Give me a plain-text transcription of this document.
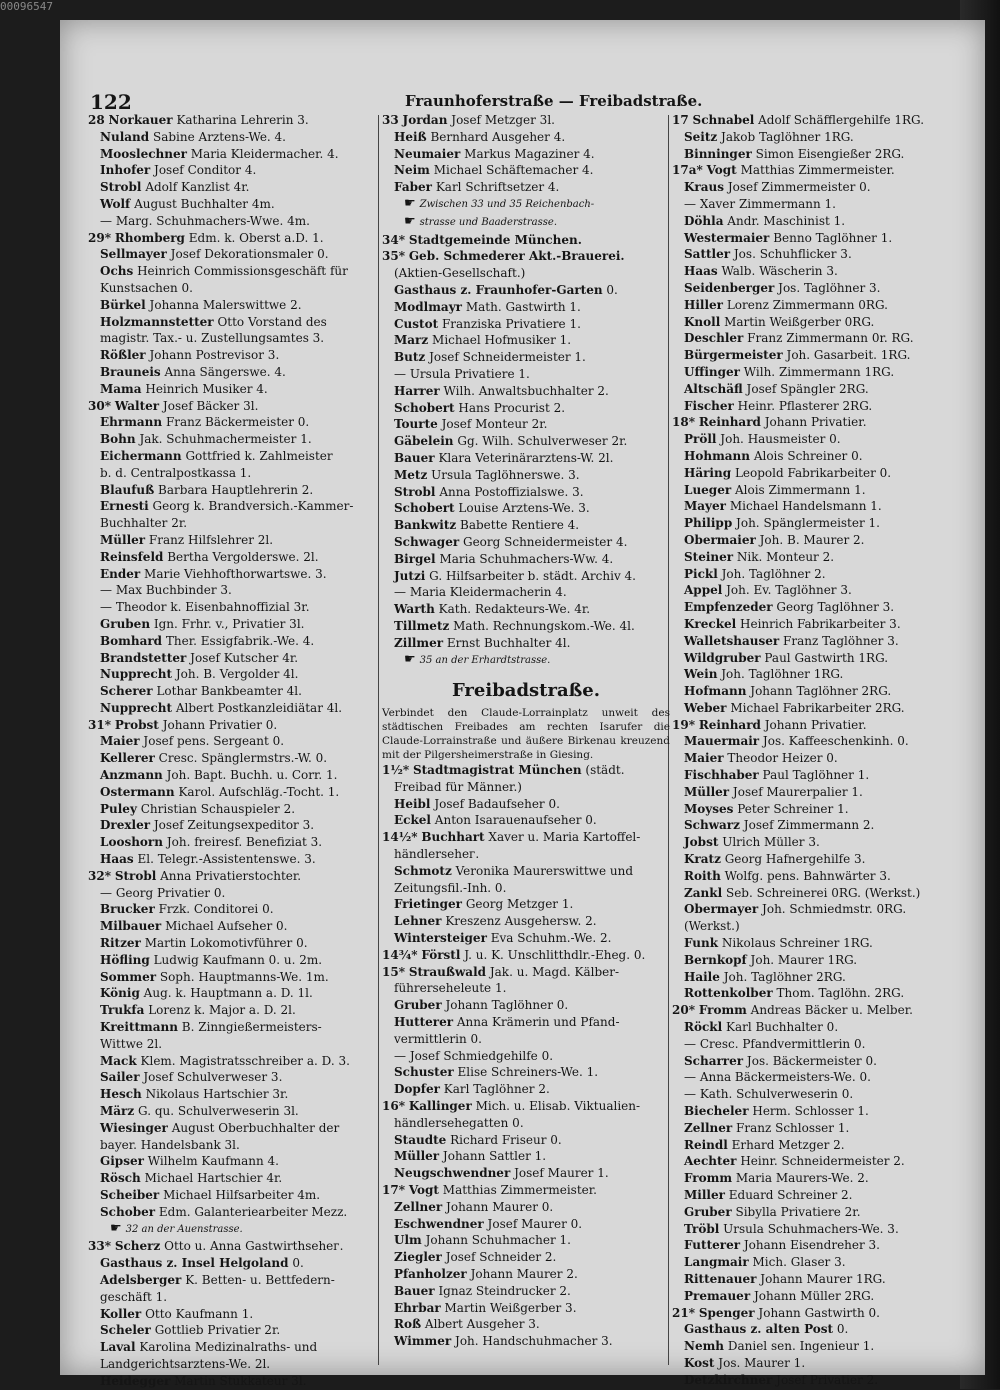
00096547
122	Fraunhoferstraße — Freibadstraße.
28 Norkauer Katharina Lehrerin 3.
Nuland Sabine Arztens-We. 4.
Mooslechner Maria Kleidermacher. 4.
Inhofer Josef Conditor 4.
Strobl Adolf Kanzlist 4r.
Wolf August Buchhalter 4m.
— Marg. Schuhmachers-Wwe. 4m.
29* Rhomberg Edm. k. Oberst a.D. 1.
Sellmayer Josef Dekorationsmaler 0.
Ochs Heinrich Commissionsgeschäft für
Kunstsachen 0.
Bürkel Johanna Malerswittwe 2.
Holzmannstetter Otto Vorstand des
magistr. Tax.- u. Zustellungsamtes 3.
Rößler Johann Postrevisor 3.
Brauneis Anna Sängerswe. 4.
Mama Heinrich Musiker 4.
30* Walter Josef Bäcker 3l.
Ehrmann Franz Bäckermeister 0.
Bohn Jak. Schuhmachermeister 1.
Eichermann Gottfried k. Zahlmeister
b. d. Centralpostkassa 1.
Blaufuß Barbara Hauptlehrerin 2.
Ernesti Georg k. Brandversich.-Kammer-
Buchhalter 2r.
Müller Franz Hilfslehrer 2l.
Reinsfeld Bertha Vergolderswe. 2l.
Ender Marie Viehhofthorwartswe. 3.
— Max Buchbinder 3.
— Theodor k. Eisenbahnoffizial 3r.
Gruben Ign. Frhr. v., Privatier 3l.
Bomhard Ther. Essigfabrik.-We. 4.
Brandstetter Josef Kutscher 4r.
Nupprecht Joh. B. Vergolder 4l.
Scherer Lothar Bankbeamter 4l.
Nupprecht Albert Postkanzleidiätar 4l.
31* Probst Johann Privatier 0.
Maier Josef pens. Sergeant 0.
Kellerer Cresc. Spänglermstrs.-W. 0.
Anzmann Joh. Bapt. Buchh. u. Corr. 1.
Ostermann Karol. Aufschläg.-Tocht. 1.
Puley Christian Schauspieler 2.
Drexler Josef Zeitungsexpeditor 3.
Looshorn Joh. freiresf. Benefiziat 3.
Haas El. Telegr.-Assistentenswe. 3.
32* Strobl Anna Privatierstochter.
— Georg Privatier 0.
Brucker Frzk. Conditorei 0.
Milbauer Michael Aufseher 0.
Ritzer Martin Lokomotivführer 0.
Höfling Ludwig Kaufmann 0. u. 2m.
Sommer Soph. Hauptmanns-We. 1m.
König Aug. k. Hauptmann a. D. 1l.
Trukfa Lorenz k. Major a. D. 2l.
Kreittmann B. Zinngießermeisters-
Wittwe 2l.
Mack Klem. Magistratsschreiber a. D. 3.
Sailer Josef Schulverweser 3.
Hesch Nikolaus Hartschier 3r.
März G. qu. Schulverweserin 3l.
Wiesinger August Oberbuchhalter der
bayer. Handelsbank 3l.
Gipser Wilhelm Kaufmann 4.
Rösch Michael Hartschier 4r.
Scheiber Michael Hilfsarbeiter 4m.
Schober Edm. Galanteriearbeiter Mezz.
☛ 32 an der Auenstrasse.
33* Scherz Otto u. Anna Gastwirthsehег.
Gasthaus z. Insel Helgoland 0.
Adelsberger K. Betten- u. Bettfedern-
geschäft 1.
Koller Otto Kaufmann 1.
Scheler Gottlieb Privatier 2r.
Laval Karolina Medizinalraths- und
Landgerichtsarztens-We. 2l.
Heidegger Martin Stukkateur 3l.
33 Jordan Josef Metzger 3l.
Heiß Bernhard Ausgeher 4.
Neumaier Markus Magaziner 4.
Neim Michael Schäftemacher 4.
Faber Karl Schriftsetzer 4.
☛ Zwischen 33 und 35 Reichenbach-
☛ strasse und Baaderstrasse.
34* Stadtgemeinde München.
35* Geb. Schmederer Akt.-Brauerei.
(Aktien-Gesellschaft.)
Gasthaus z. Fraunhofer-Garten 0.
Modlmayr Math. Gastwirth 1.
Custot Franziska Privatiere 1.
Marz Michael Hofmusiker 1.
Butz Josef Schneidermeister 1.
— Ursula Privatiere 1.
Harrer Wilh. Anwaltsbuchhalter 2.
Schobert Hans Procurist 2.
Tourte Josef Monteur 2r.
Gäbelein Gg. Wilh. Schulverweser 2r.
Bauer Klara Veterinärarztens-W. 2l.
Metz Ursula Taglöhnerswe. 3.
Strobl Anna Postoffizialswe. 3.
Schobert Louise Arztens-We. 3.
Bankwitz Babette Rentiere 4.
Schwager Georg Schneidermeister 4.
Birgel Maria Schuhmachers-Ww. 4.
Jutzi G. Hilfsarbeiter b. städt. Archiv 4.
— Maria Kleidermacherin 4.
Warth Kath. Redakteurs-We. 4r.
Tillmetz Math. Rechnungskom.-We. 4l.
Zillmer Ernst Buchhalter 4l.
☛ 35 an der Erhardtstrasse.
Freibadstraße.
Verbindet den Claude-Lorrainplatz unweit des städtischen Freibades am rechten Isarufer die Claude-Lorrainstraße und äußere Birkenau kreuzend mit der Pilgersheimerstraße in Giesing.
1½* Stadtmagistrat München (städt.
Freibad für Männer.)
Heibl Josef Badaufseher 0.
Eckel Anton Isarauenaufseher 0.
14½* Buchhart Xaver u. Maria Kartoffel-
händlersehег.
Schmotz Veronika Maurerswittwe und
Zeitungsfil.-Inh. 0.
Frietinger Georg Metzger 1.
Lehner Kreszenz Ausgehersw. 2.
Wintersteiger Eva Schuhm.-We. 2.
14¾* Förstl J. u. K. Unschlitthdlr.-Eheg. 0.
15* Straußwald Jak. u. Magd. Kälber-
führersehеleute 1.
Gruber Johann Taglöhner 0.
Hutterer Anna Krämerin und Pfand-
vermittlerin 0.
— Josef Schmiedgehilfe 0.
Schuster Elise Schreiners-We. 1.
Dopfer Karl Taglöhner 2.
16* Kallinger Mich. u. Elisab. Viktualien-
händlersehegatten 0.
Staudte Richard Friseur 0.
Müller Johann Sattler 1.
Neugschwendner Josef Maurer 1.
17* Vogt Matthias Zimmermeister.
Zellner Johann Maurer 0.
Eschwendner Josef Maurer 0.
Ulm Johann Schuhmacher 1.
Ziegler Josef Schneider 2.
Pfanholzer Johann Maurer 2.
Bauer Ignaz Steindrucker 2.
Ehrbar Martin Weißgerber 3.
Roß Albert Ausgeher 3.
Wimmer Joh. Handschuhmacher 3.
17 Schnabel Adolf Schäfflergehilfe 1RG.
Seitz Jakob Taglöhner 1RG.
Binninger Simon Eisengießer 2RG.
17a* Vogt Matthias Zimmermeister.
Kraus Josef Zimmermeister 0.
— Xaver Zimmermann 1.
Döhla Andr. Maschinist 1.
Westermaier Benno Taglöhner 1.
Sattler Jos. Schuhflicker 3.
Haas Walb. Wäscherin 3.
Seidenberger Jos. Taglöhner 3.
Hiller Lorenz Zimmermann 0RG.
Knoll Martin Weißgerber 0RG.
Deschler Franz Zimmermann 0r. RG.
Bürgermeister Joh. Gasarbeit. 1RG.
Uffinger Wilh. Zimmermann 1RG.
Altschäfl Josef Spängler 2RG.
Fischer Heinr. Pflasterer 2RG.
18* Reinhard Johann Privatier.
Pröll Joh. Hausmeister 0.
Hohmann Alois Schreiner 0.
Häring Leopold Fabrikarbeiter 0.
Lueger Alois Zimmermann 1.
Mayer Michael Handelsmann 1.
Philipp Joh. Spänglermeister 1.
Obermaier Joh. B. Maurer 2.
Steiner Nik. Monteur 2.
Pickl Joh. Taglöhner 2.
Appel Joh. Ev. Taglöhner 3.
Empfenzeder Georg Taglöhner 3.
Kreckel Heinrich Fabrikarbeiter 3.
Walletshauser Franz Taglöhner 3.
Wildgruber Paul Gastwirth 1RG.
Wein Joh. Taglöhner 1RG.
Hofmann Johann Taglöhner 2RG.
Weber Michael Fabrikarbeiter 2RG.
19* Reinhard Johann Privatier.
Mauermair Jos. Kaffeeschenkinh. 0.
Maier Theodor Heizer 0.
Fischhaber Paul Taglöhner 1.
Müller Josef Maurerpalier 1.
Moyses Peter Schreiner 1.
Schwarz Josef Zimmermann 2.
Jobst Ulrich Müller 3.
Kratz Georg Hafnergehilfe 3.
Roith Wolfg. pens. Bahnwärter 3.
Zankl Seb. Schreinerei 0RG. (Werkst.)
Obermayer Joh. Schmiedmstr. 0RG.
(Werkst.)
Funk Nikolaus Schreiner 1RG.
Bernkopf Joh. Maurer 1RG.
Haile Joh. Taglöhner 2RG.
Rottenkolber Thom. Taglöhn. 2RG.
20* Fromm Andreas Bäcker u. Melber.
Röckl Karl Buchhalter 0.
— Cresc. Pfandvermittlerin 0.
Scharrer Jos. Bäckermeister 0.
— Anna Bäckermeisters-We. 0.
— Kath. Schulverweserin 0.
Biecheler Herm. Schlosser 1.
Zellner Franz Schlosser 1.
Reindl Erhard Metzger 2.
Aechter Heinr. Schneidermeister 2.
Fromm Maria Maurers-We. 2.
Miller Eduard Schreiner 2.
Gruber Sibylla Privatiere 2r.
Tröbl Ursula Schuhmachers-We. 3.
Futterer Johann Eisendreher 3.
Langmair Mich. Glaser 3.
Rittenauer Johann Maurer 1RG.
Premauer Johann Müller 2RG.
21* Spenger Johann Gastwirth 0.
Gasthaus z. alten Post 0.
Nemh Daniel sen. Ingenieur 1.
Kost Jos. Maurer 1.
Detzkirchner Josef Privatier 2.
